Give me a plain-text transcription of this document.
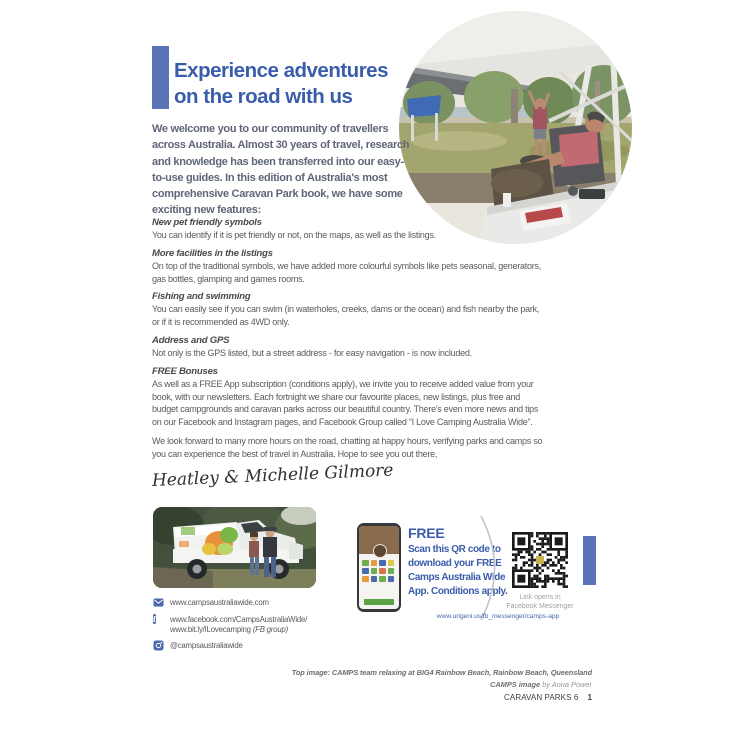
Experience adventures
on the road with us
We welcome you to our community of travellers across Australia. Almost 30 years of travel, research and knowledge has been transferred into our easy-to-use guides. In this edition of Australia's most comprehensive Caravan Park book, we have some exciting new features:
New pet friendly symbols

You can identify if it is pet friendly or not, on the maps, as well as the listings.

More facilities in the listings

On top of the traditional symbols, we have added more colourful symbols like pets seasonal, generators, gas bottles, glamping and games rooms.

Fishing and swimming

You can easily see if you can swim (in waterholes, creeks, dams or the ocean) and fish nearby the park, or if it is recommended as 4WD only.

Address and GPS

Not only is the GPS listed, but a street address - for easy navigation - is now included.

FREE Bonuses

As well as a FREE App subscription (conditions apply), we invite you to receive added value from your book, with our newsletters. Each fortnight we share our favourite places, new listings, plus free and budget campgrounds and caravan parks across our beautiful country. There's even more news and tips on our Facebook and Instagram pages, and Facebook Group called “I Love Camping Australia Wide”.

We look forward to many more hours on the road, chatting at happy hours, verifying parks and camps so you can experience the best of travel in Australia. Hope to see you out there,
Heatley & Michelle Gilmore
www.campsaustraliawide.com
f	www.facebook.com/CampsAustraliaWide/
www.bit.ly/ILovecamping (FB group)
@campsaustraliawide
FREE
Scan this QR code to
download your FREE
Camps Australia Wide
App. Conditions apply.
Link opens in
Facebook Messenger
www.urlgeni.us/fb_messenger/camps-app
Top image: CAMPS team relaxing at BIG4 Rainbow Beach, Rainbow Beach, Queensland
CAMPS image by Anna Power
CARAVAN PARKS 6 1
